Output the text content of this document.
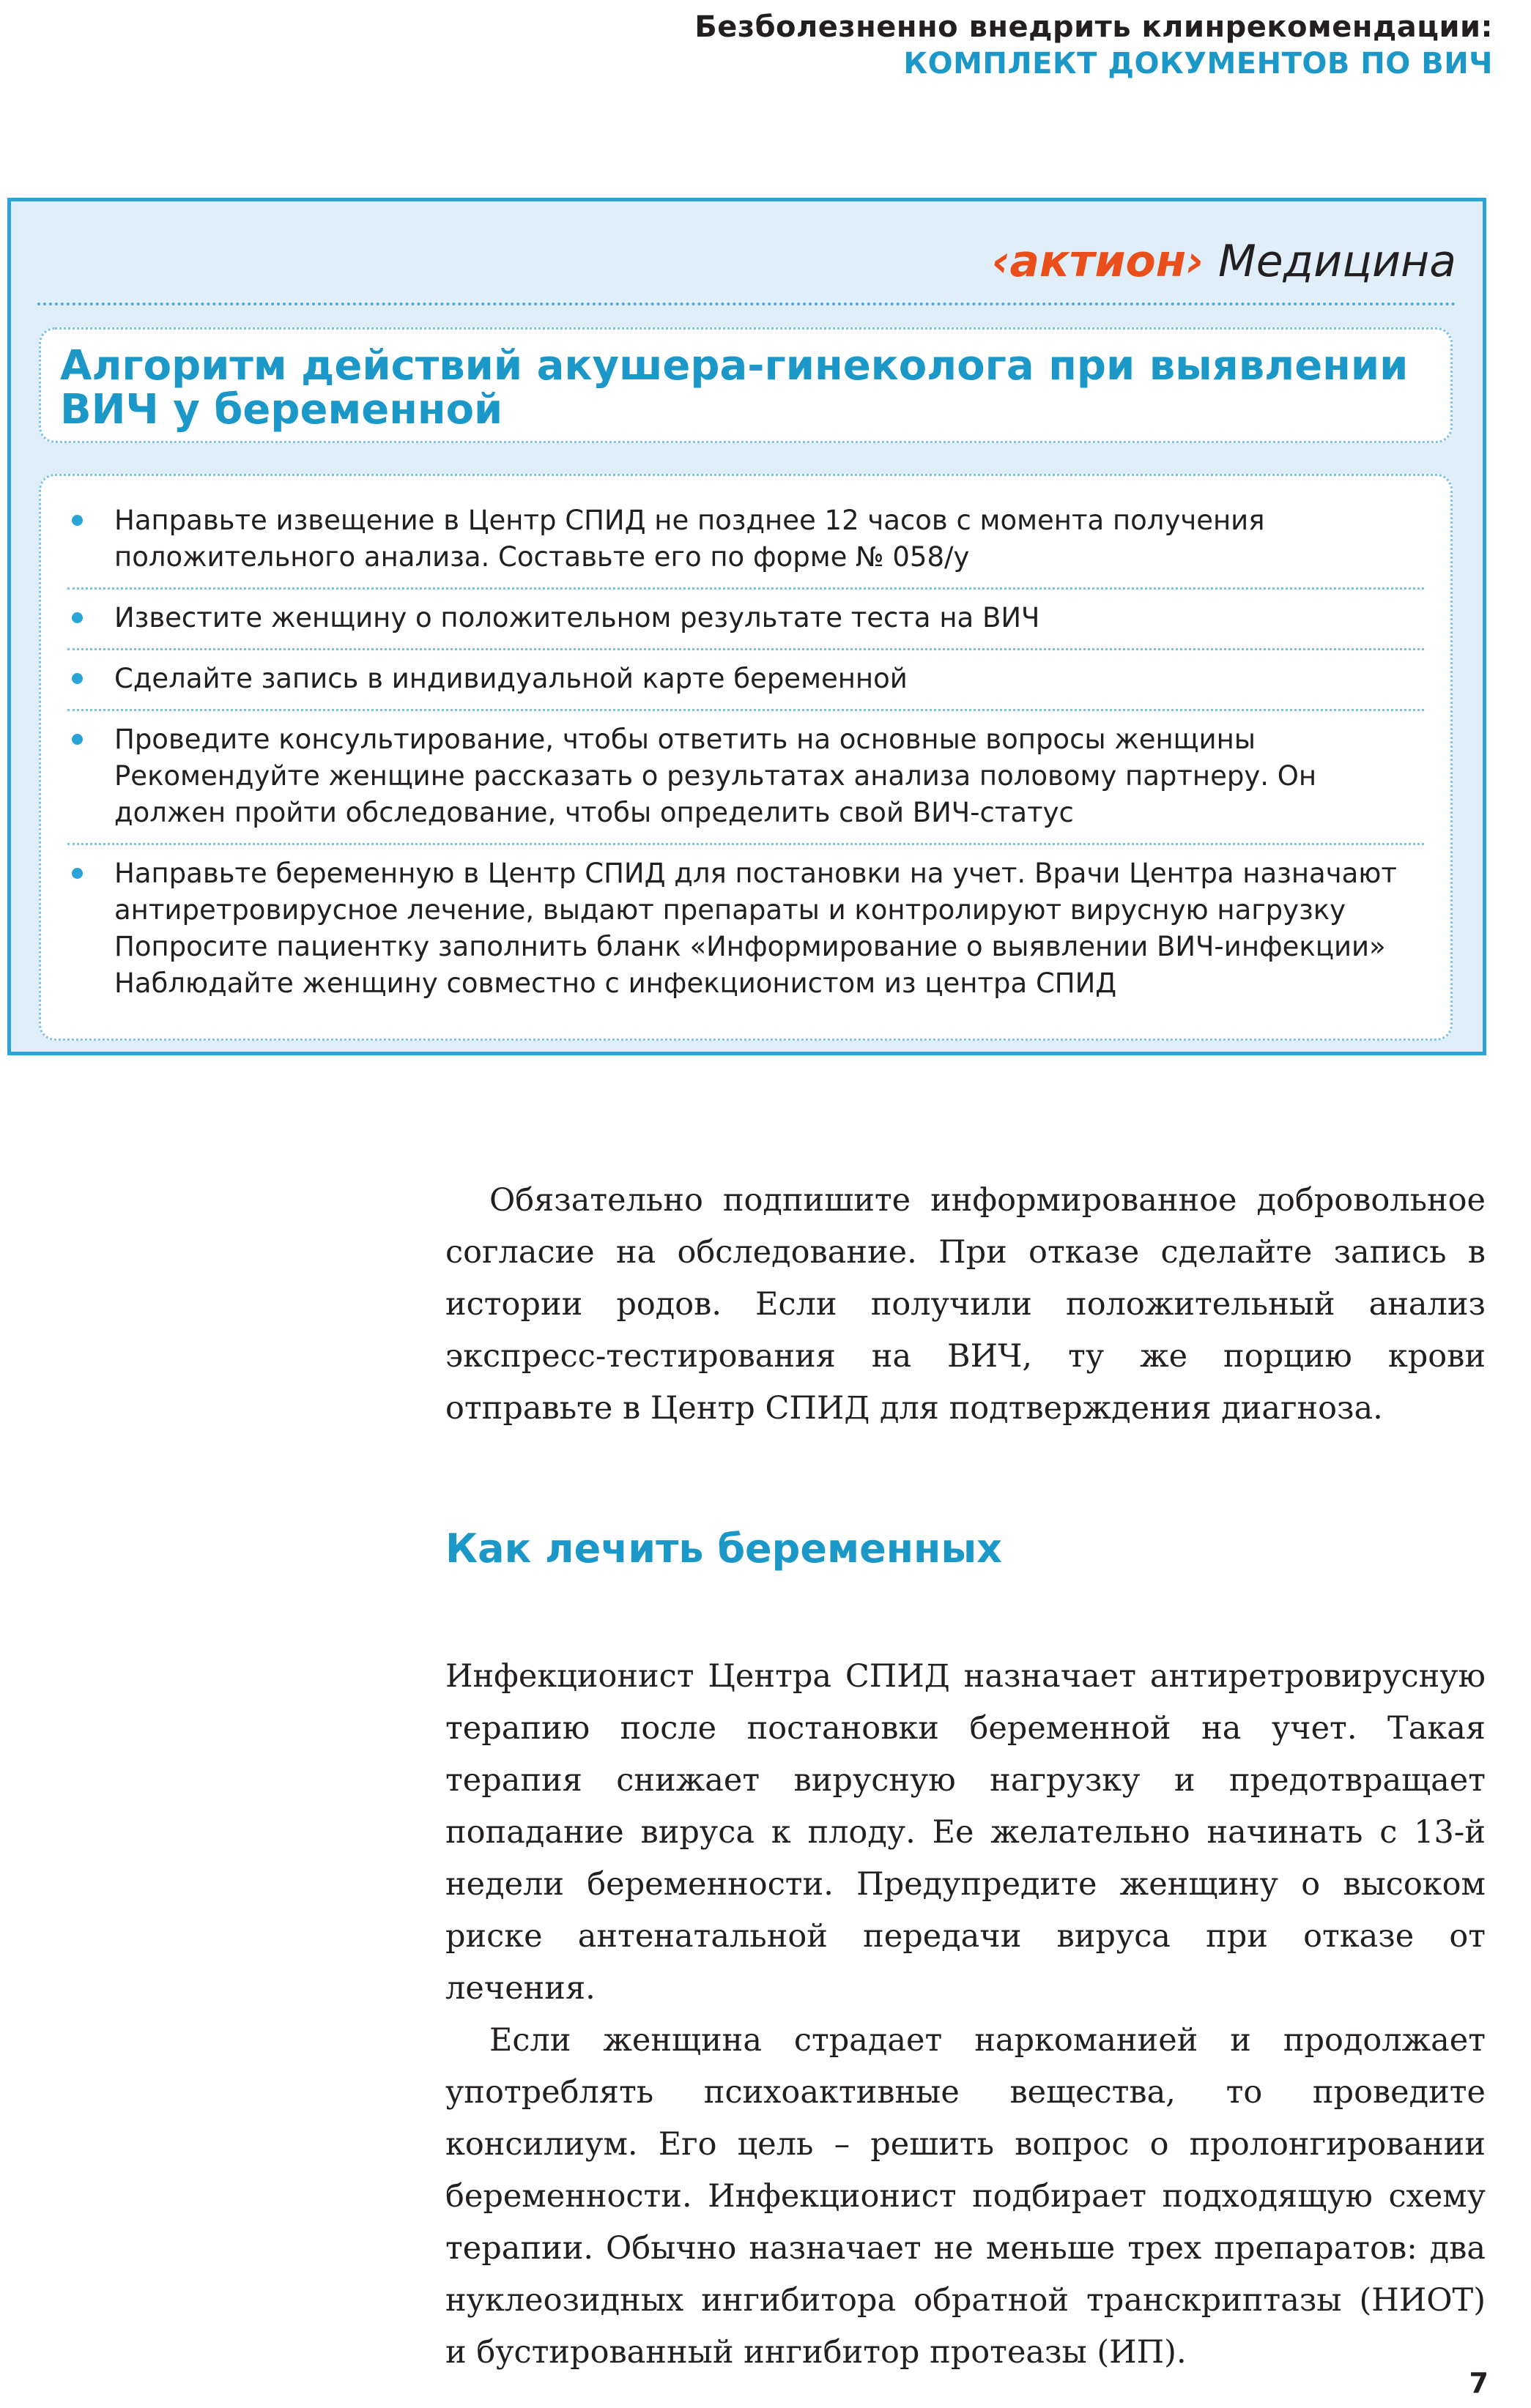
Безболезненно внедрить клинрекомендации:
КОМПЛЕКТ ДОКУМЕНТОВ ПО ВИЧ
‹актион› Медицина
Алгоритм действий акушера-гинеколога при выявлении ВИЧ у беременной
Направьте извещение в Центр СПИД не позднее 12 часов с момента получения положительного анализа. Составьте его по форме № 058/у
Известите женщину о положительном результате теста на ВИЧ
Сделайте запись в индивидуальной карте беременной
Проведите консультирование, чтобы ответить на основные вопросы женщины Рекомендуйте женщине рассказать о результатах анализа половому партнеру. Он должен пройти обследование, чтобы определить свой ВИЧ-статус
Направьте беременную в Центр СПИД для постановки на учет. Врачи Центра назначают антиретровирусное лечение, выдают препараты и контролируют вирусную нагрузку Попросите пациентку заполнить бланк «Информирование о выявлении ВИЧ-инфекции» Наблюдайте женщину совместно с инфекционистом из центра СПИД

Обязательно подпишите информированное добровольное согласие на обследование. При отказе сделайте запись в истории родов. Если получили положительный анализ экспресс-тестирования на ВИЧ, ту же порцию крови отправьте в Центр СПИД для подтверждения диагноза.

Как лечить беременных

Инфекционист Центра СПИД назначает антиретровирусную терапию после постановки беременной на учет. Такая терапия снижает вирусную нагрузку и предотвращает попадание вируса к плоду. Ее желательно начинать с 13-й недели беременности. Предупредите женщину о высоком риске антенатальной передачи вируса при отказе от лечения.

Если женщина страдает наркоманией и продолжает употреблять психоактивные вещества, то проведите консилиум. Его цель – решить вопрос о пролонгировании беременности. Инфекционист подбирает подходящую схему терапии. Обычно назначает не меньше трех препаратов: два нуклеозидных ингибитора обратной транскриптазы (НИОТ) и бустированный ингибитор протеазы (ИП).

7
